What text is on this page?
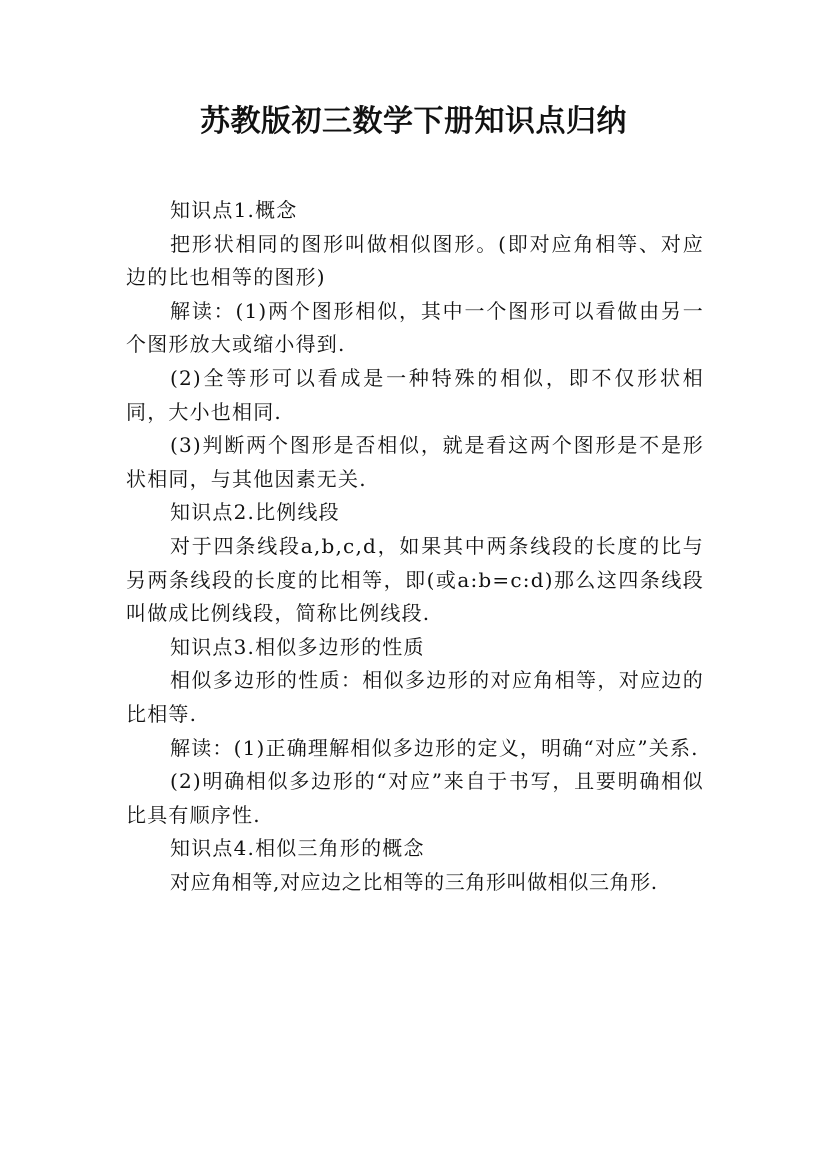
苏教版初三数学下册知识点归纳

知识点1.概念

把形状相同的图形叫做相似图形。(即对应角相等、对应边的比也相等的图形)

解读：(1)两个图形相似，其中一个图形可以看做由另一个图形放大或缩小得到.

(2)全等形可以看成是一种特殊的相似，即不仅形状相同，大小也相同.

(3)判断两个图形是否相似，就是看这两个图形是不是形状相同，与其他因素无关.

知识点2.比例线段

对于四条线段a,b,c,d，如果其中两条线段的长度的比与另两条线段的长度的比相等，即(或a:b=c:d)那么这四条线段叫做成比例线段，简称比例线段.

知识点3.相似多边形的性质

相似多边形的性质：相似多边形的对应角相等，对应边的比相等.

解读：(1)正确理解相似多边形的定义，明确“对应”关系.

(2)明确相似多边形的“对应”来自于书写，且要明确相似比具有顺序性.

知识点4.相似三角形的概念

对应角相等,对应边之比相等的三角形叫做相似三角形.
